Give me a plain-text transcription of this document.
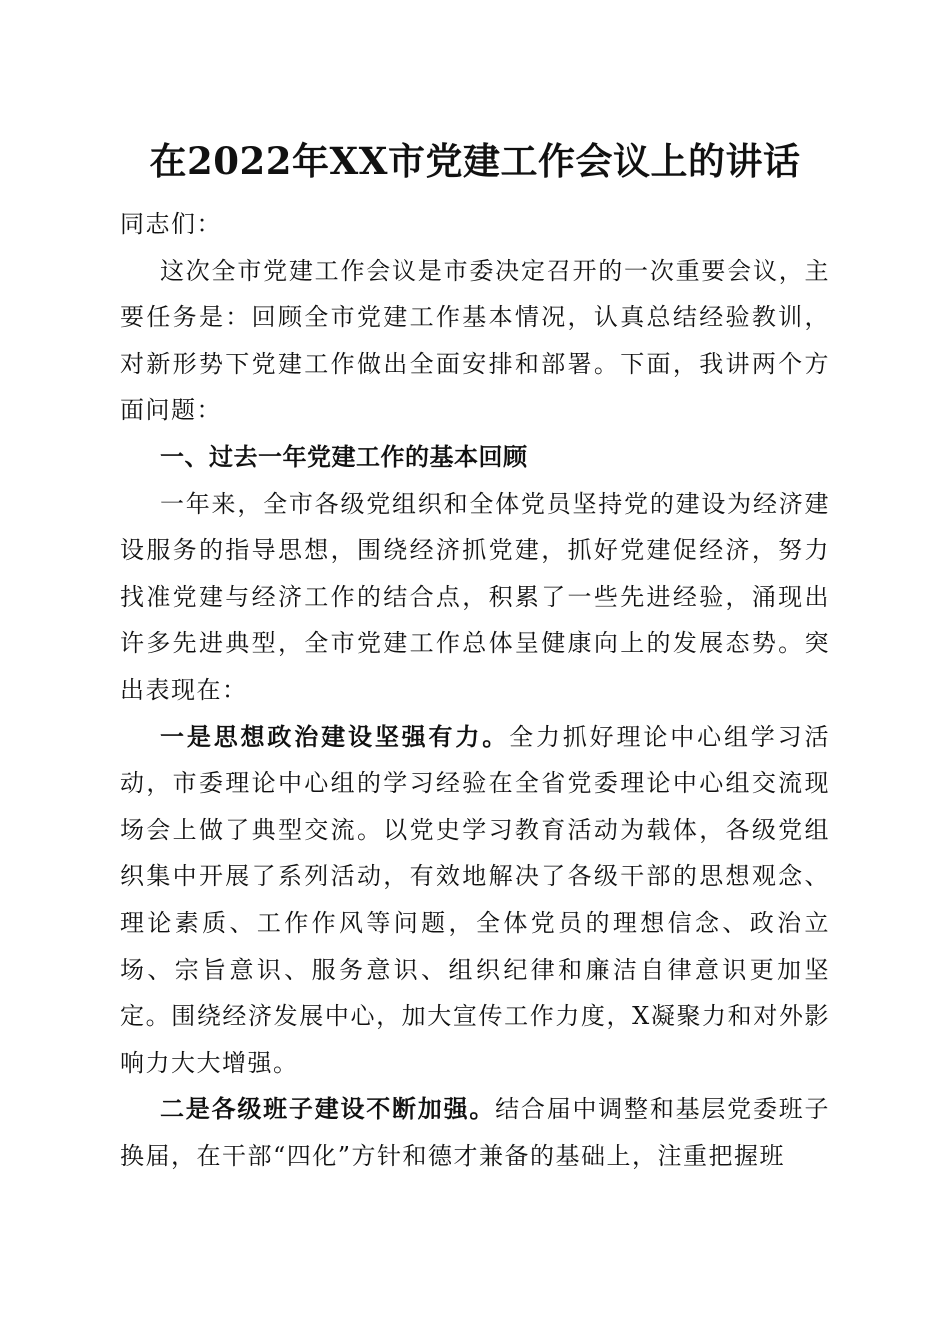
在2022年XX市党建工作会议上的讲话

同志们：

这次全市党建工作会议是市委决定召开的一次重要会议，主要任务是：回顾全市党建工作基本情况，认真总结经验教训，对新形势下党建工作做出全面安排和部署。下面，我讲两个方面问题：

一、过去一年党建工作的基本回顾

一年来，全市各级党组织和全体党员坚持党的建设为经济建设服务的指导思想，围绕经济抓党建，抓好党建促经济，努力找准党建与经济工作的结合点，积累了一些先进经验，涌现出许多先进典型，全市党建工作总体呈健康向上的发展态势。突出表现在：

一是思想政治建设坚强有力。全力抓好理论中心组学习活动，市委理论中心组的学习经验在全省党委理论中心组交流现场会上做了典型交流。以党史学习教育活动为载体，各级党组织集中开展了系列活动，有效地解决了各级干部的思想观念、理论素质、工作作风等问题，全体党员的理想信念、政治立场、宗旨意识、服务意识、组织纪律和廉洁自律意识更加坚定。围绕经济发展中心，加大宣传工作力度，X凝聚力和对外影响力大大增强。

二是各级班子建设不断加强。结合届中调整和基层党委班子换届，在干部“四化”方针和德才兼备的基础上，注重把握班
